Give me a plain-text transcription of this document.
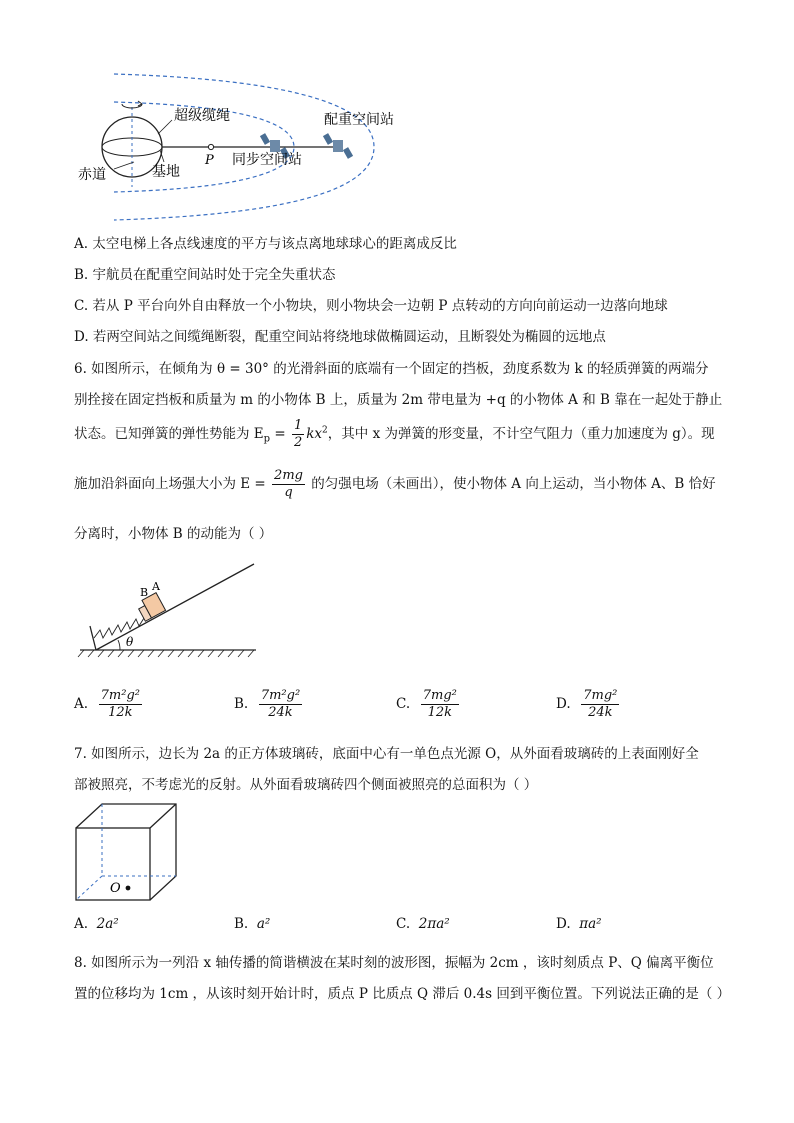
超级缆绳	配重空间站
P 同步空间站
赤道	基地
A. 太空电梯上各点线速度的平方与该点离地球球心的距离成反比
B. 宇航员在配重空间站时处于完全失重状态
C. 若从 P 平台向外自由释放一个小物块，则小物块会一边朝 P 点转动的方向向前运动一边落向地球
D. 若两空间站之间缆绳断裂，配重空间站将绕地球做椭圆运动，且断裂处为椭圆的远地点
6. 如图所示，在倾角为 θ = 30° 的光滑斜面的底端有一个固定的挡板，劲度系数为 k 的轻质弹簧的两端分
别拴接在固定挡板和质量为 m 的小物体 B 上，质量为 2m 带电量为 +q 的小物体 A 和 B 靠在一起处于静止
状态。已知弹簧的弹性势能为 $E_p = \frac{1}{2} kx^2$，其中 x 为弹簧的形变量，不计空气阻力（重力加速度为 g）。现
施加沿斜面向上场强大小为 $E = \frac{2mg}{q}$ 的匀强电场（未画出），使小物体 A 向上运动，当小物体 A、B 恰好
分离时，小物体 B 的动能为（ ）
B A
θ
A. $\frac{\text{7m²g²}}{12k}$	B. $\frac{\text{7m²g²}}{24k}$	C. $\frac{\text{7mg²}}{12k}$	D. $\frac{\text{7mg²}}{24k}$
7. 如图所示，边长为 2a 的正方体玻璃砖，底面中心有一单色点光源 O，从外面看玻璃砖的上表面刚好全
部被照亮，不考虑光的反射。从外面看玻璃砖四个侧面被照亮的总面积为（ ）
O
A. 2a²	B. a²	C. 2πa²	D. πa²
8. 如图所示为一列沿 x 轴传播的简谐横波在某时刻的波形图，振幅为 2cm ，该时刻质点 P、Q 偏离平衡位
置的位移均为 1cm ，从该时刻开始计时，质点 P 比质点 Q 滞后 0.4s 回到平衡位置。下列说法正确的是（ ）
